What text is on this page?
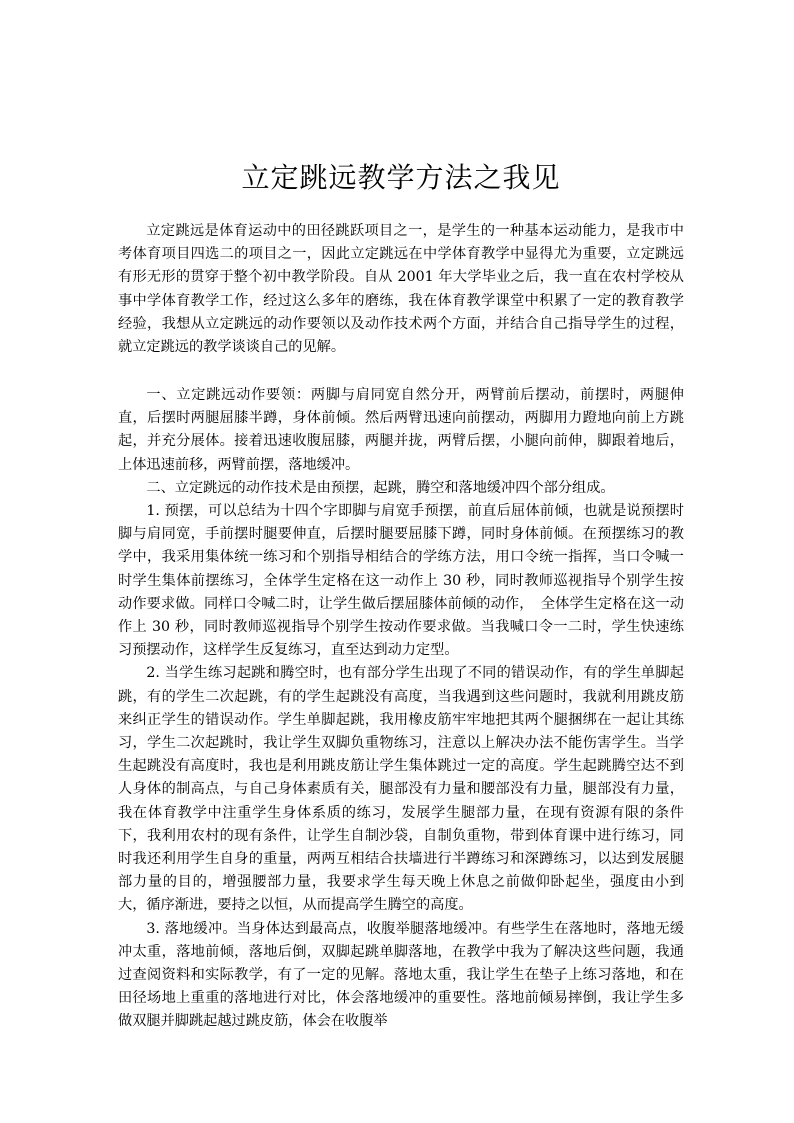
立定跳远教学方法之我见

立定跳远是体育运动中的田径跳跃项目之一，是学生的一种基本运动能力，是我市中考体育项目四选二的项目之一，因此立定跳远在中学体育教学中显得尤为重要，立定跳远有形无形的贯穿于整个初中教学阶段。自从 2001 年大学毕业之后，我一直在农村学校从事中学体育教学工作，经过这么多年的磨练，我在体育教学课堂中积累了一定的教育教学经验，我想从立定跳远的动作要领以及动作技术两个方面，并结合自己指导学生的过程，就立定跳远的教学谈谈自己的见解。

一、立定跳远动作要领：两脚与肩同宽自然分开，两臂前后摆动，前摆时，两腿伸直，后摆时两腿屈膝半蹲，身体前倾。然后两臂迅速向前摆动，两脚用力蹬地向前上方跳起，并充分展体。接着迅速收腹屈膝，两腿并拢，两臂后摆，小腿向前伸，脚跟着地后，上体迅速前移，两臂前摆，落地缓冲。

二、立定跳远的动作技术是由预摆，起跳，腾空和落地缓冲四个部分组成。

1. 预摆，可以总结为十四个字即脚与肩宽手预摆，前直后屈体前倾，也就是说预摆时脚与肩同宽，手前摆时腿要伸直，后摆时腿要屈膝下蹲，同时身体前倾。在预摆练习的教学中，我采用集体统一练习和个别指导相结合的学练方法，用口令统一指挥，当口令喊一时学生集体前摆练习，全体学生定格在这一动作上 30 秒，同时教师巡视指导个别学生按动作要求做。同样口令喊二时，让学生做后摆屈膝体前倾的动作，　全体学生定格在这一动作上 30 秒，同时教师巡视指导个别学生按动作要求做。当我喊口令一二时，学生快速练习预摆动作，这样学生反复练习，直至达到动力定型。

2. 当学生练习起跳和腾空时，也有部分学生出现了不同的错误动作，有的学生单脚起跳，有的学生二次起跳，有的学生起跳没有高度，当我遇到这些问题时，我就利用跳皮筋来纠正学生的错误动作。学生单脚起跳，我用橡皮筋牢牢地把其两个腿捆绑在一起让其练习，学生二次起跳时，我让学生双脚负重物练习，注意以上解决办法不能伤害学生。当学生起跳没有高度时，我也是利用跳皮筋让学生集体跳过一定的高度。学生起跳腾空达不到人身体的制高点，与自己身体素质有关，腿部没有力量和腰部没有力量，腿部没有力量，我在体育教学中注重学生身体系质的练习，发展学生腿部力量，在现有资源有限的条件下，我利用农村的现有条件，让学生自制沙袋，自制负重物，带到体育课中进行练习，同时我还利用学生自身的重量，两两互相结合扶墙进行半蹲练习和深蹲练习，以达到发展腿部力量的目的，增强腰部力量，我要求学生每天晚上休息之前做仰卧起坐，强度由小到大，循序渐进，要持之以恒，从而提高学生腾空的高度。

3. 落地缓冲。当身体达到最高点，收腹举腿落地缓冲。有些学生在落地时，落地无缓冲太重，落地前倾，落地后倒，双脚起跳单脚落地，在教学中我为了解决这些问题，我通过查阅资料和实际教学，有了一定的见解。落地太重，我让学生在垫子上练习落地，和在田径场地上重重的落地进行对比，体会落地缓冲的重要性。落地前倾易摔倒，我让学生多做双腿并脚跳起越过跳皮筋，体会在收腹举
